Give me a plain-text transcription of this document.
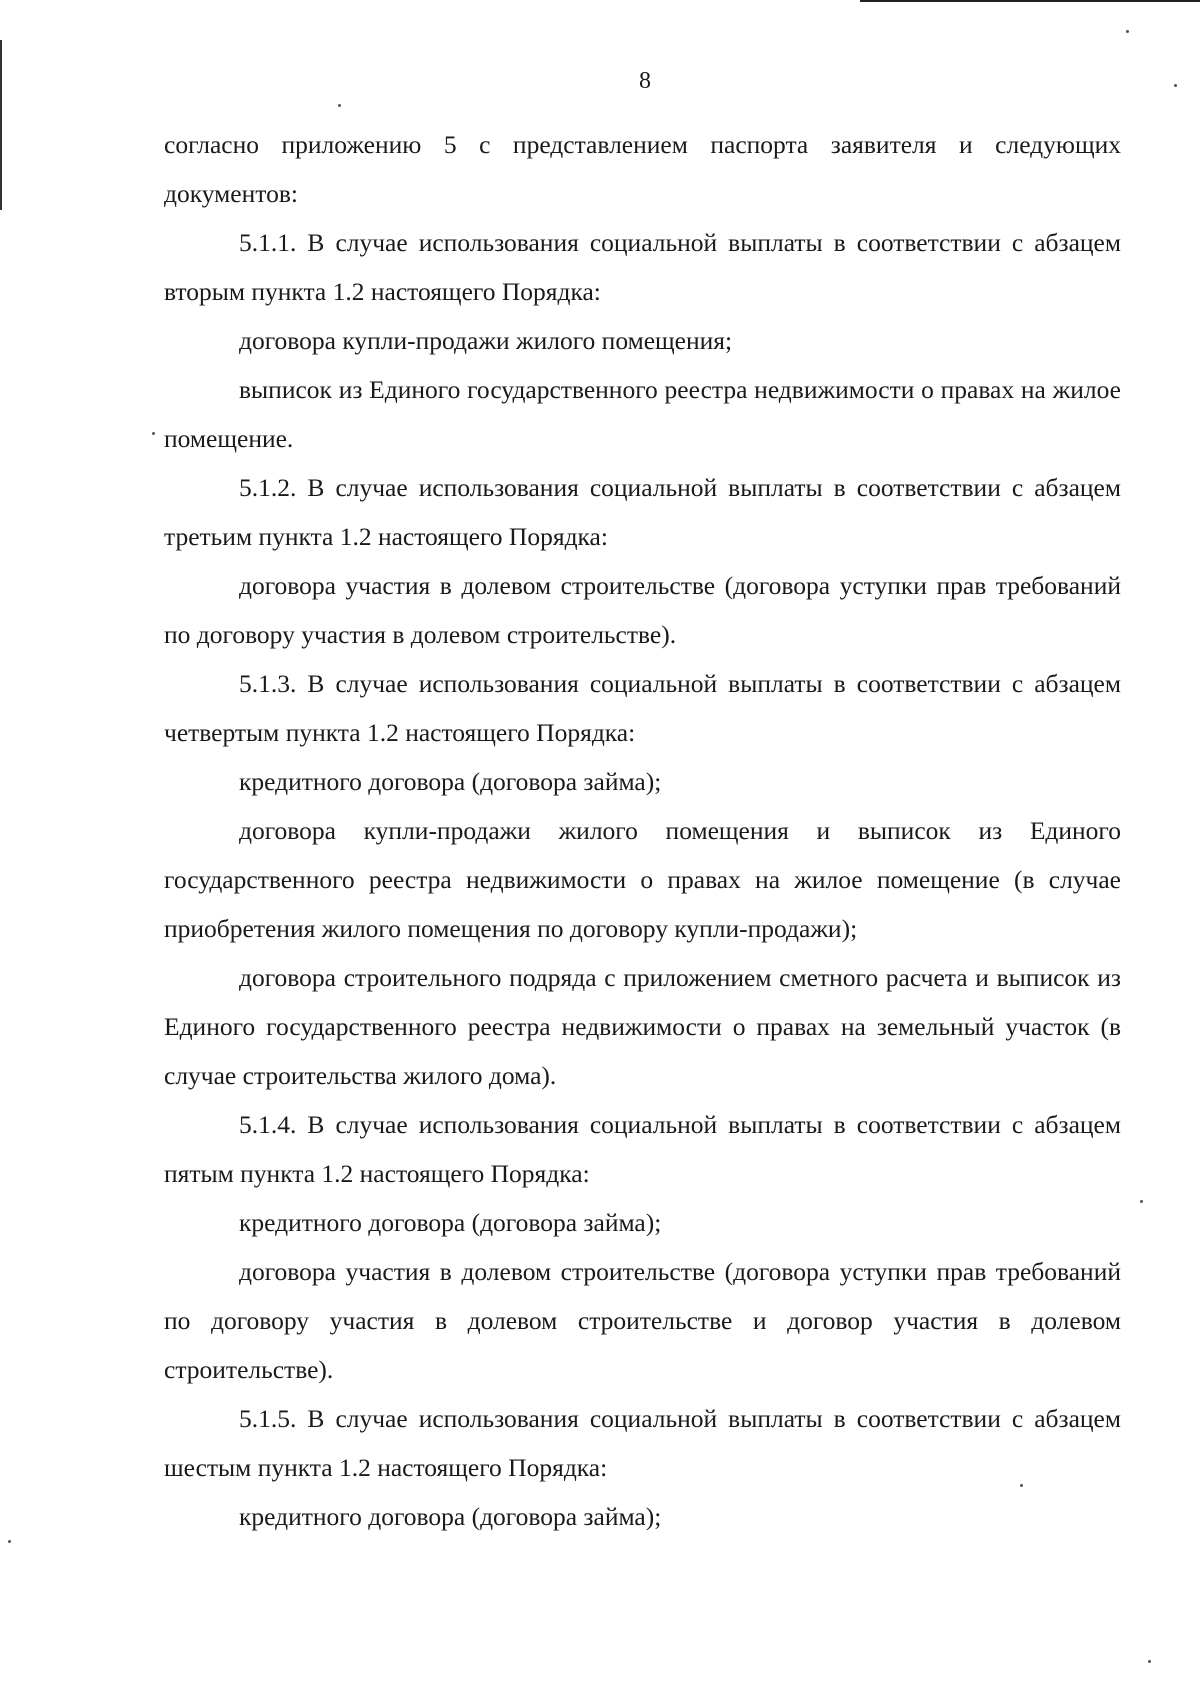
8

согласно приложению 5 с представлением паспорта заявителя и следующих документов:

5.1.1. В случае использования социальной выплаты в соответствии с абзацем вторым пункта 1.2 настоящего Порядка:

договора купли-продажи жилого помещения;

выписок из Единого государственного реестра недвижимости о правах на жилое помещение.

5.1.2. В случае использования социальной выплаты в соответствии с абзацем третьим пункта 1.2 настоящего Порядка:

договора участия в долевом строительстве (договора уступки прав требований по договору участия в долевом строительстве).

5.1.3. В случае использования социальной выплаты в соответствии с абзацем четвертым пункта 1.2 настоящего Порядка:

кредитного договора (договора займа);

договора купли-продажи жилого помещения и выписок из Единого государственного реестра недвижимости о правах на жилое помещение (в случае приобретения жилого помещения по договору купли-продажи);

договора строительного подряда с приложением сметного расчета и выписок из Единого государственного реестра недвижимости о правах на земельный участок (в случае строительства жилого дома).

5.1.4. В случае использования социальной выплаты в соответствии с абзацем пятым пункта 1.2 настоящего Порядка:

кредитного договора (договора займа);

договора участия в долевом строительстве (договора уступки прав требований по договору участия в долевом строительстве и договор участия в долевом строительстве).

5.1.5. В случае использования социальной выплаты в соответствии с абзацем шестым пункта 1.2 настоящего Порядка:

кредитного договора (договора займа);
